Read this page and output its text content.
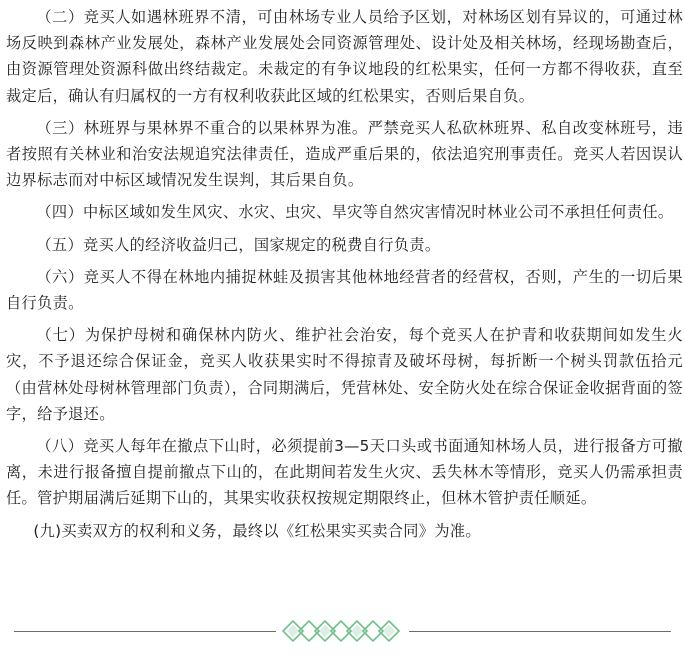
（二）竞买人如遇林班界不清，可由林场专业人员给予区划，对林场区划有异议的，可通过林场反映到森林产业发展处，森林产业发展处会同资源管理处、设计处及相关林场，经现场勘查后，由资源管理处资源科做出终结裁定。未裁定的有争议地段的红松果实，任何一方都不得收获，直至裁定后，确认有归属权的一方有权利收获此区域的红松果实，否则后果自负。

（三）林班界与果林界不重合的以果林界为准。严禁竞买人私砍林班界、私自改变林班号，违者按照有关林业和治安法规追究法律责任，造成严重后果的，依法追究刑事责任。竞买人若因误认边界标志而对中标区域情况发生误判，其后果自负。

（四）中标区域如发生风灾、水灾、虫灾、旱灾等自然灾害情况时林业公司不承担任何责任。

（五）竞买人的经济收益归己，国家规定的税费自行负责。

（六）竞买人不得在林地内捕捉林蛙及损害其他林地经营者的经营权，否则，产生的一切后果自行负责。

（七）为保护母树和确保林内防火、维护社会治安，每个竞买人在护青和收获期间如发生火灾，不予退还综合保证金，竞买人收获果实时不得掠青及破坏母树，每折断一个树头罚款伍拾元（由营林处母树林管理部门负责），合同期满后，凭营林处、安全防火处在综合保证金收据背面的签字，给予退还。

（八）竞买人每年在撤点下山时，必须提前3—5天口头或书面通知林场人员，进行报备方可撤离，未进行报备擅自提前撤点下山的，在此期间若发生火灾、丢失林木等情形，竞买人仍需承担责任。管护期届满后延期下山的，其果实收获权按规定期限终止，但林木管护责任顺延。

(九)买卖双方的权利和义务，最终以《红松果实买卖合同》为准。
